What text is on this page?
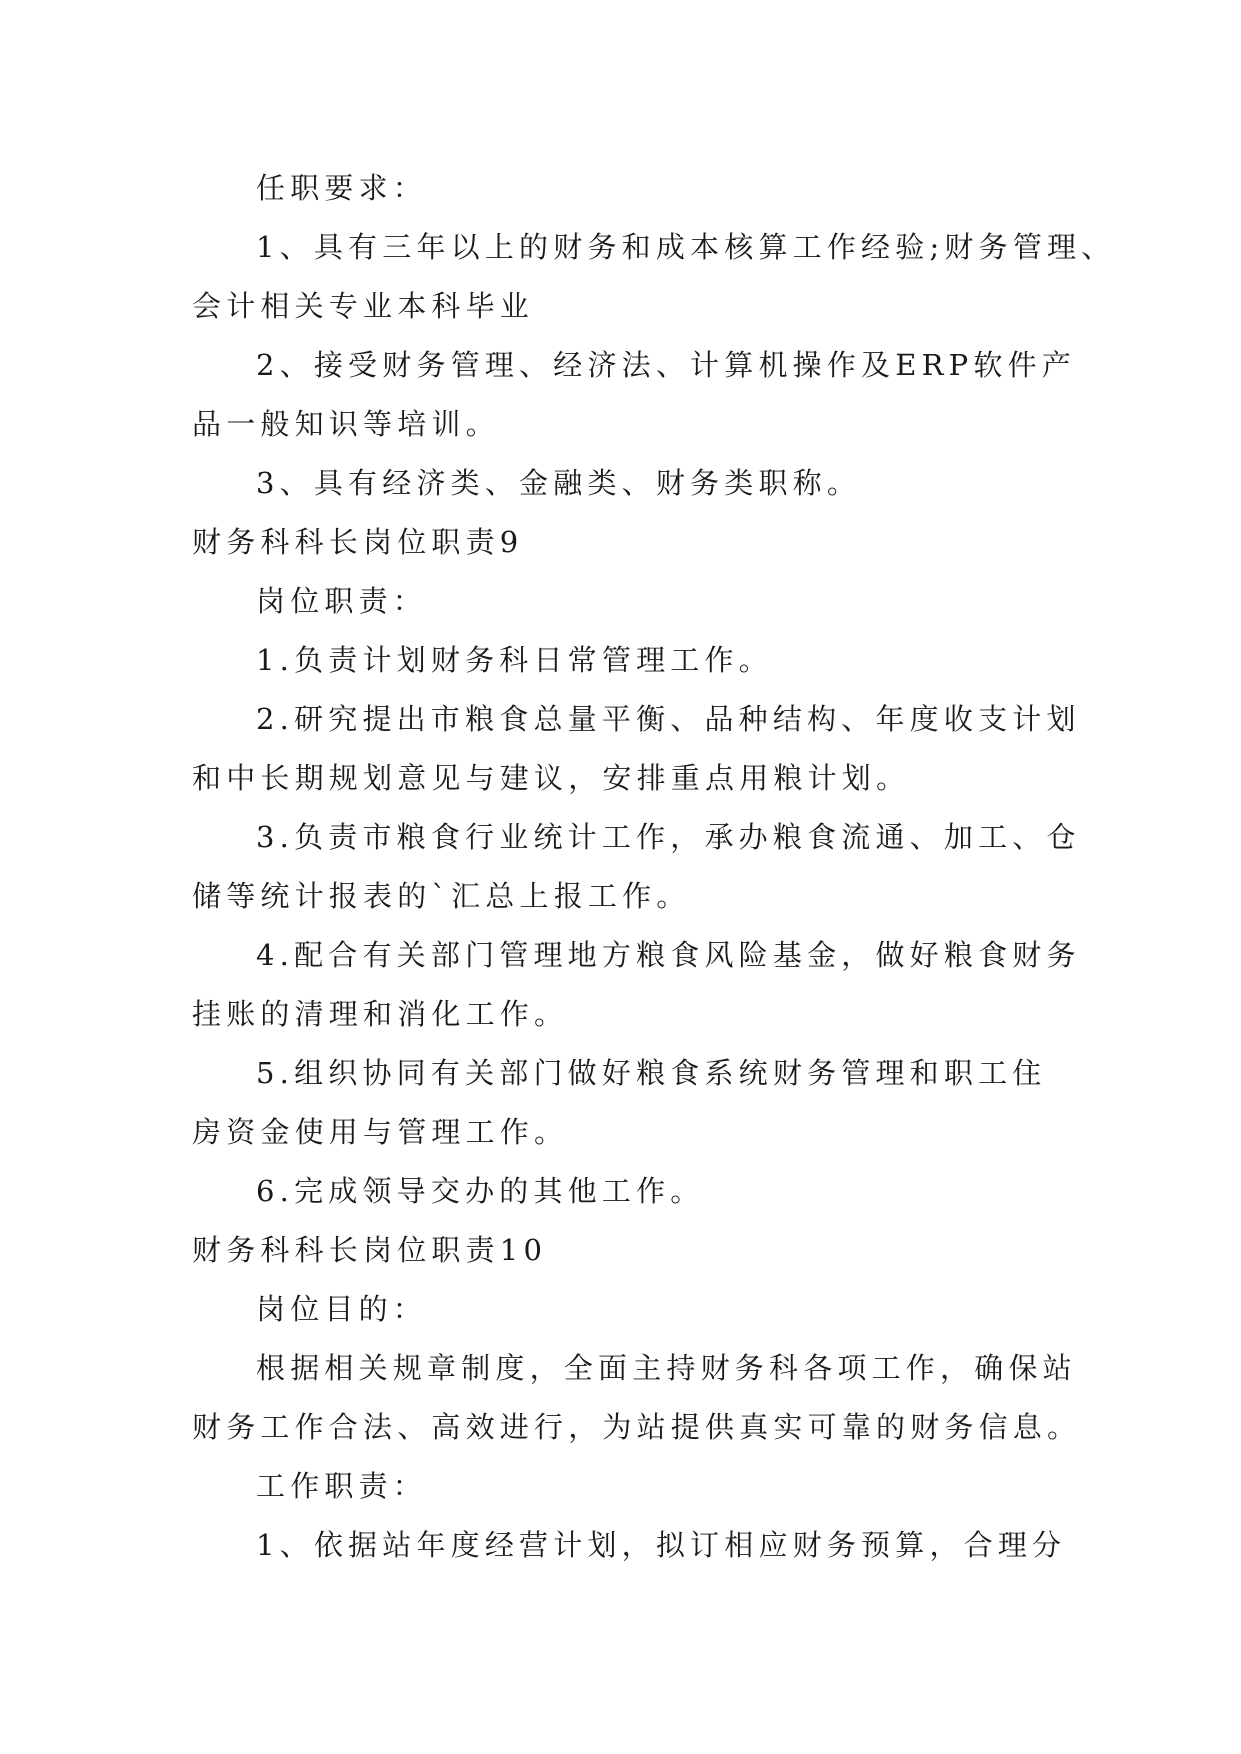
任职要求：
1、具有三年以上的财务和成本核算工作经验;财务管理、
会计相关专业本科毕业
2、接受财务管理、经济法、计算机操作及ERP软件产
品一般知识等培训。
3、具有经济类、金融类、财务类职称。
财务科科长岗位职责9
岗位职责：
1.负责计划财务科日常管理工作。
2.研究提出市粮食总量平衡、品种结构、年度收支计划
和中长期规划意见与建议，安排重点用粮计划。
3.负责市粮食行业统计工作，承办粮食流通、加工、仓
储等统计报表的`汇总上报工作。
4.配合有关部门管理地方粮食风险基金，做好粮食财务
挂账的清理和消化工作。
5.组织协同有关部门做好粮食系统财务管理和职工住
房资金使用与管理工作。
6.完成领导交办的其他工作。
财务科科长岗位职责10
岗位目的：
根据相关规章制度，全面主持财务科各项工作，确保站
财务工作合法、高效进行，为站提供真实可靠的财务信息。
工作职责：
1、依据站年度经营计划，拟订相应财务预算，合理分
